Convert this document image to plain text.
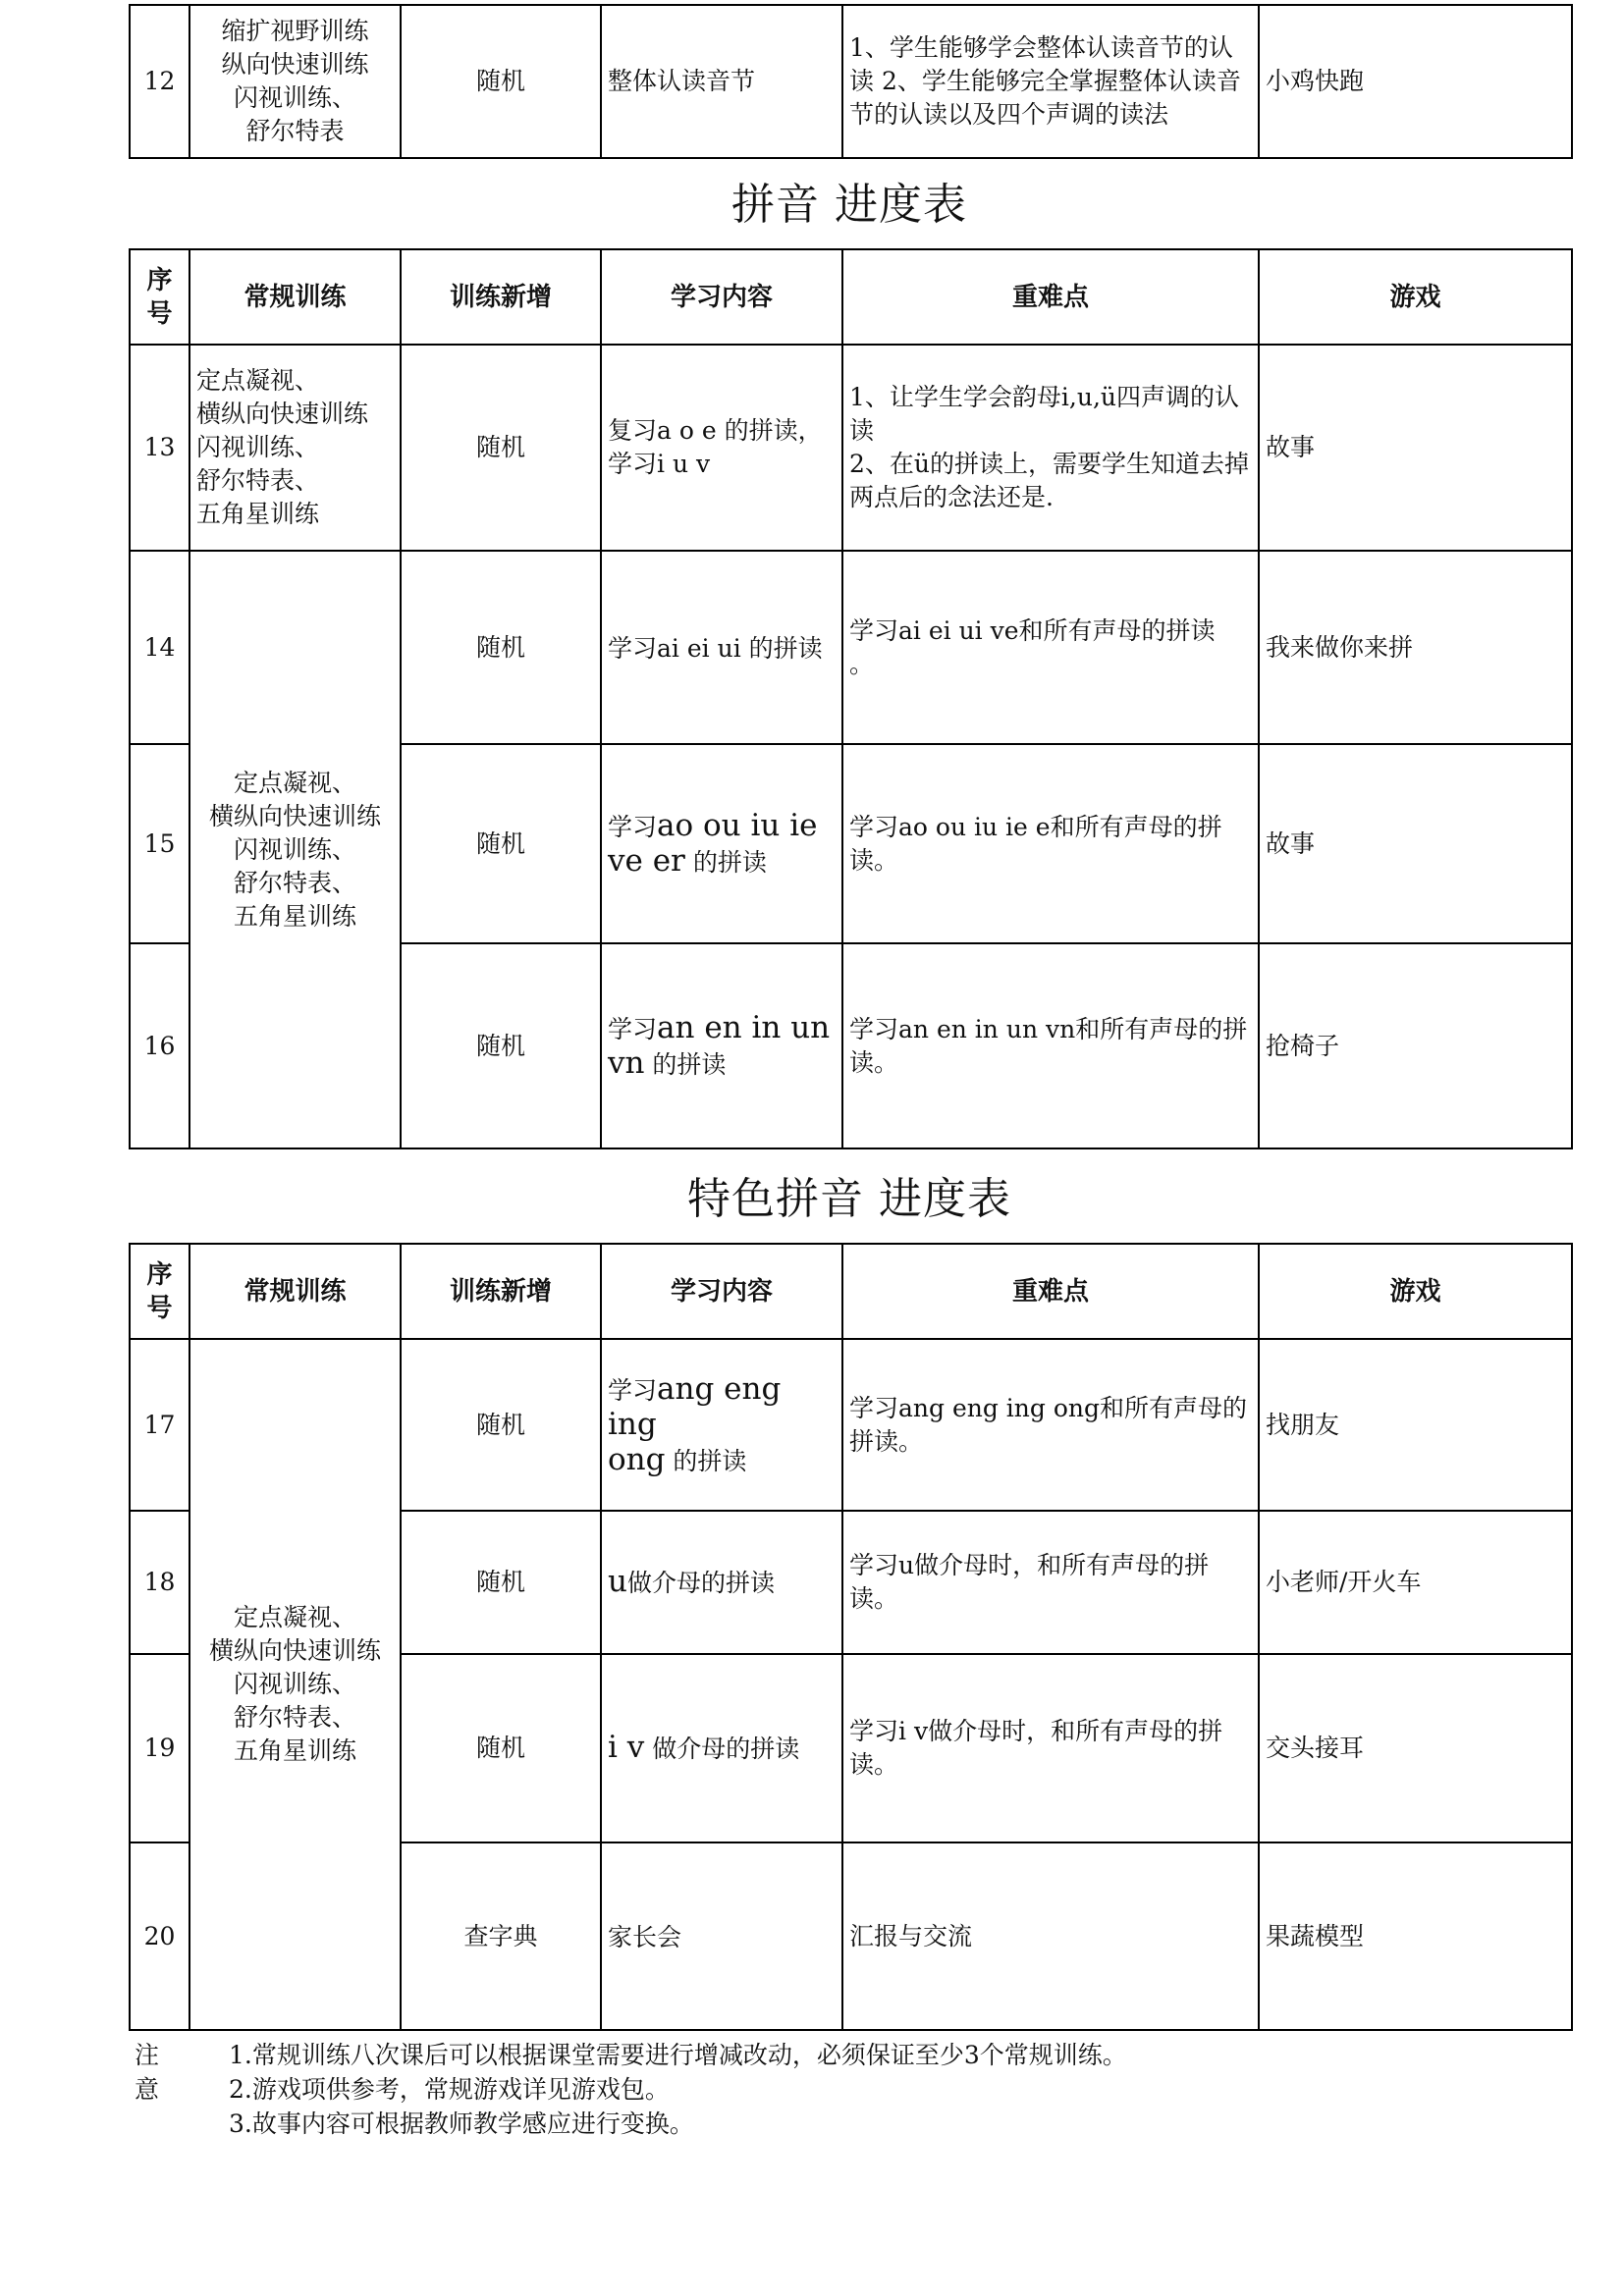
12	缩扩视野训练
纵向快速训练
闪视训练、
舒尔特表	随机	整体认读音节	1、学生能够学会整体认读音节的认读 2、学生能够完全掌握整体认读音节的认读以及四个声调的读法	小鸡快跑
拼音 进度表
序号	常规训练	训练新增	学习内容	重难点	游戏
13	定点凝视、
横纵向快速训练
闪视训练、
舒尔特表、
五角星训练	随机	复习a o e 的拼读，
学习i u v	1、让学生学会韵母i,u,ü四声调的认读
2、在ü的拼读上，需要学生知道去掉两点后的念法还是.	故事
14	定点凝视、
横纵向快速训练
闪视训练、
舒尔特表、
五角星训练	随机	学习ai ei ui 的拼读	学习ai ei ui ve和所有声母的拼读
。	我来做你来拼
15		随机	学习ao ou iu ie
ve er 的拼读	学习ao ou iu ie e和所有声母的拼读。	故事
16		随机	学习an en in un
vn 的拼读	学习an en in un vn和所有声母的拼读。	抢椅子
特色拼音 进度表
序号	常规训练	训练新增	学习内容	重难点	游戏
17	定点凝视、
横纵向快速训练
闪视训练、
舒尔特表、
五角星训练	随机	学习ang eng ing
ong 的拼读	学习ang eng ing ong和所有声母的拼读。	找朋友
18		随机	u做介母的拼读	学习u做介母时，和所有声母的拼读。	小老师/开火车
19		随机	i v 做介母的拼读	学习i v做介母时，和所有声母的拼读。	交头接耳
20		查字典	家长会	汇报与交流	果蔬模型
注意
1.常规训练八次课后可以根据课堂需要进行增减改动，必须保证至少3个常规训练。
2.游戏项供参考，常规游戏详见游戏包。
3.故事内容可根据教师教学感应进行变换。
